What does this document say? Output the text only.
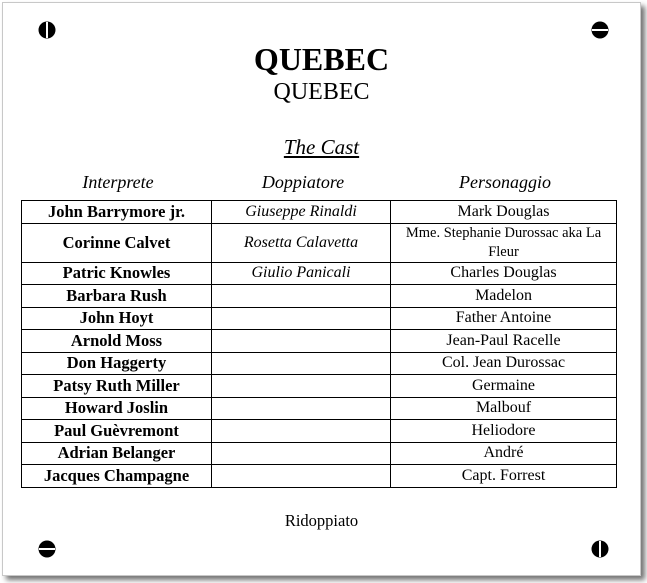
QUEBEC
QUEBEC
The Cast
Interprete	Doppiatore	Personaggio
John Barrymore jr.	Giuseppe Rinaldi	Mark Douglas
Corinne Calvet	Rosetta Calavetta	Mme. Stephanie Durossac aka La Fleur
Patric Knowles	Giulio Panicali	Charles Douglas
Barbara Rush		Madelon
John Hoyt		Father Antoine
Arnold Moss		Jean-Paul Racelle
Don Haggerty		Col. Jean Durossac
Patsy Ruth Miller		Germaine
Howard Joslin		Malbouf
Paul Guèvremont		Heliodore
Adrian Belanger		André
Jacques Champagne		Capt. Forrest
Ridoppiato
